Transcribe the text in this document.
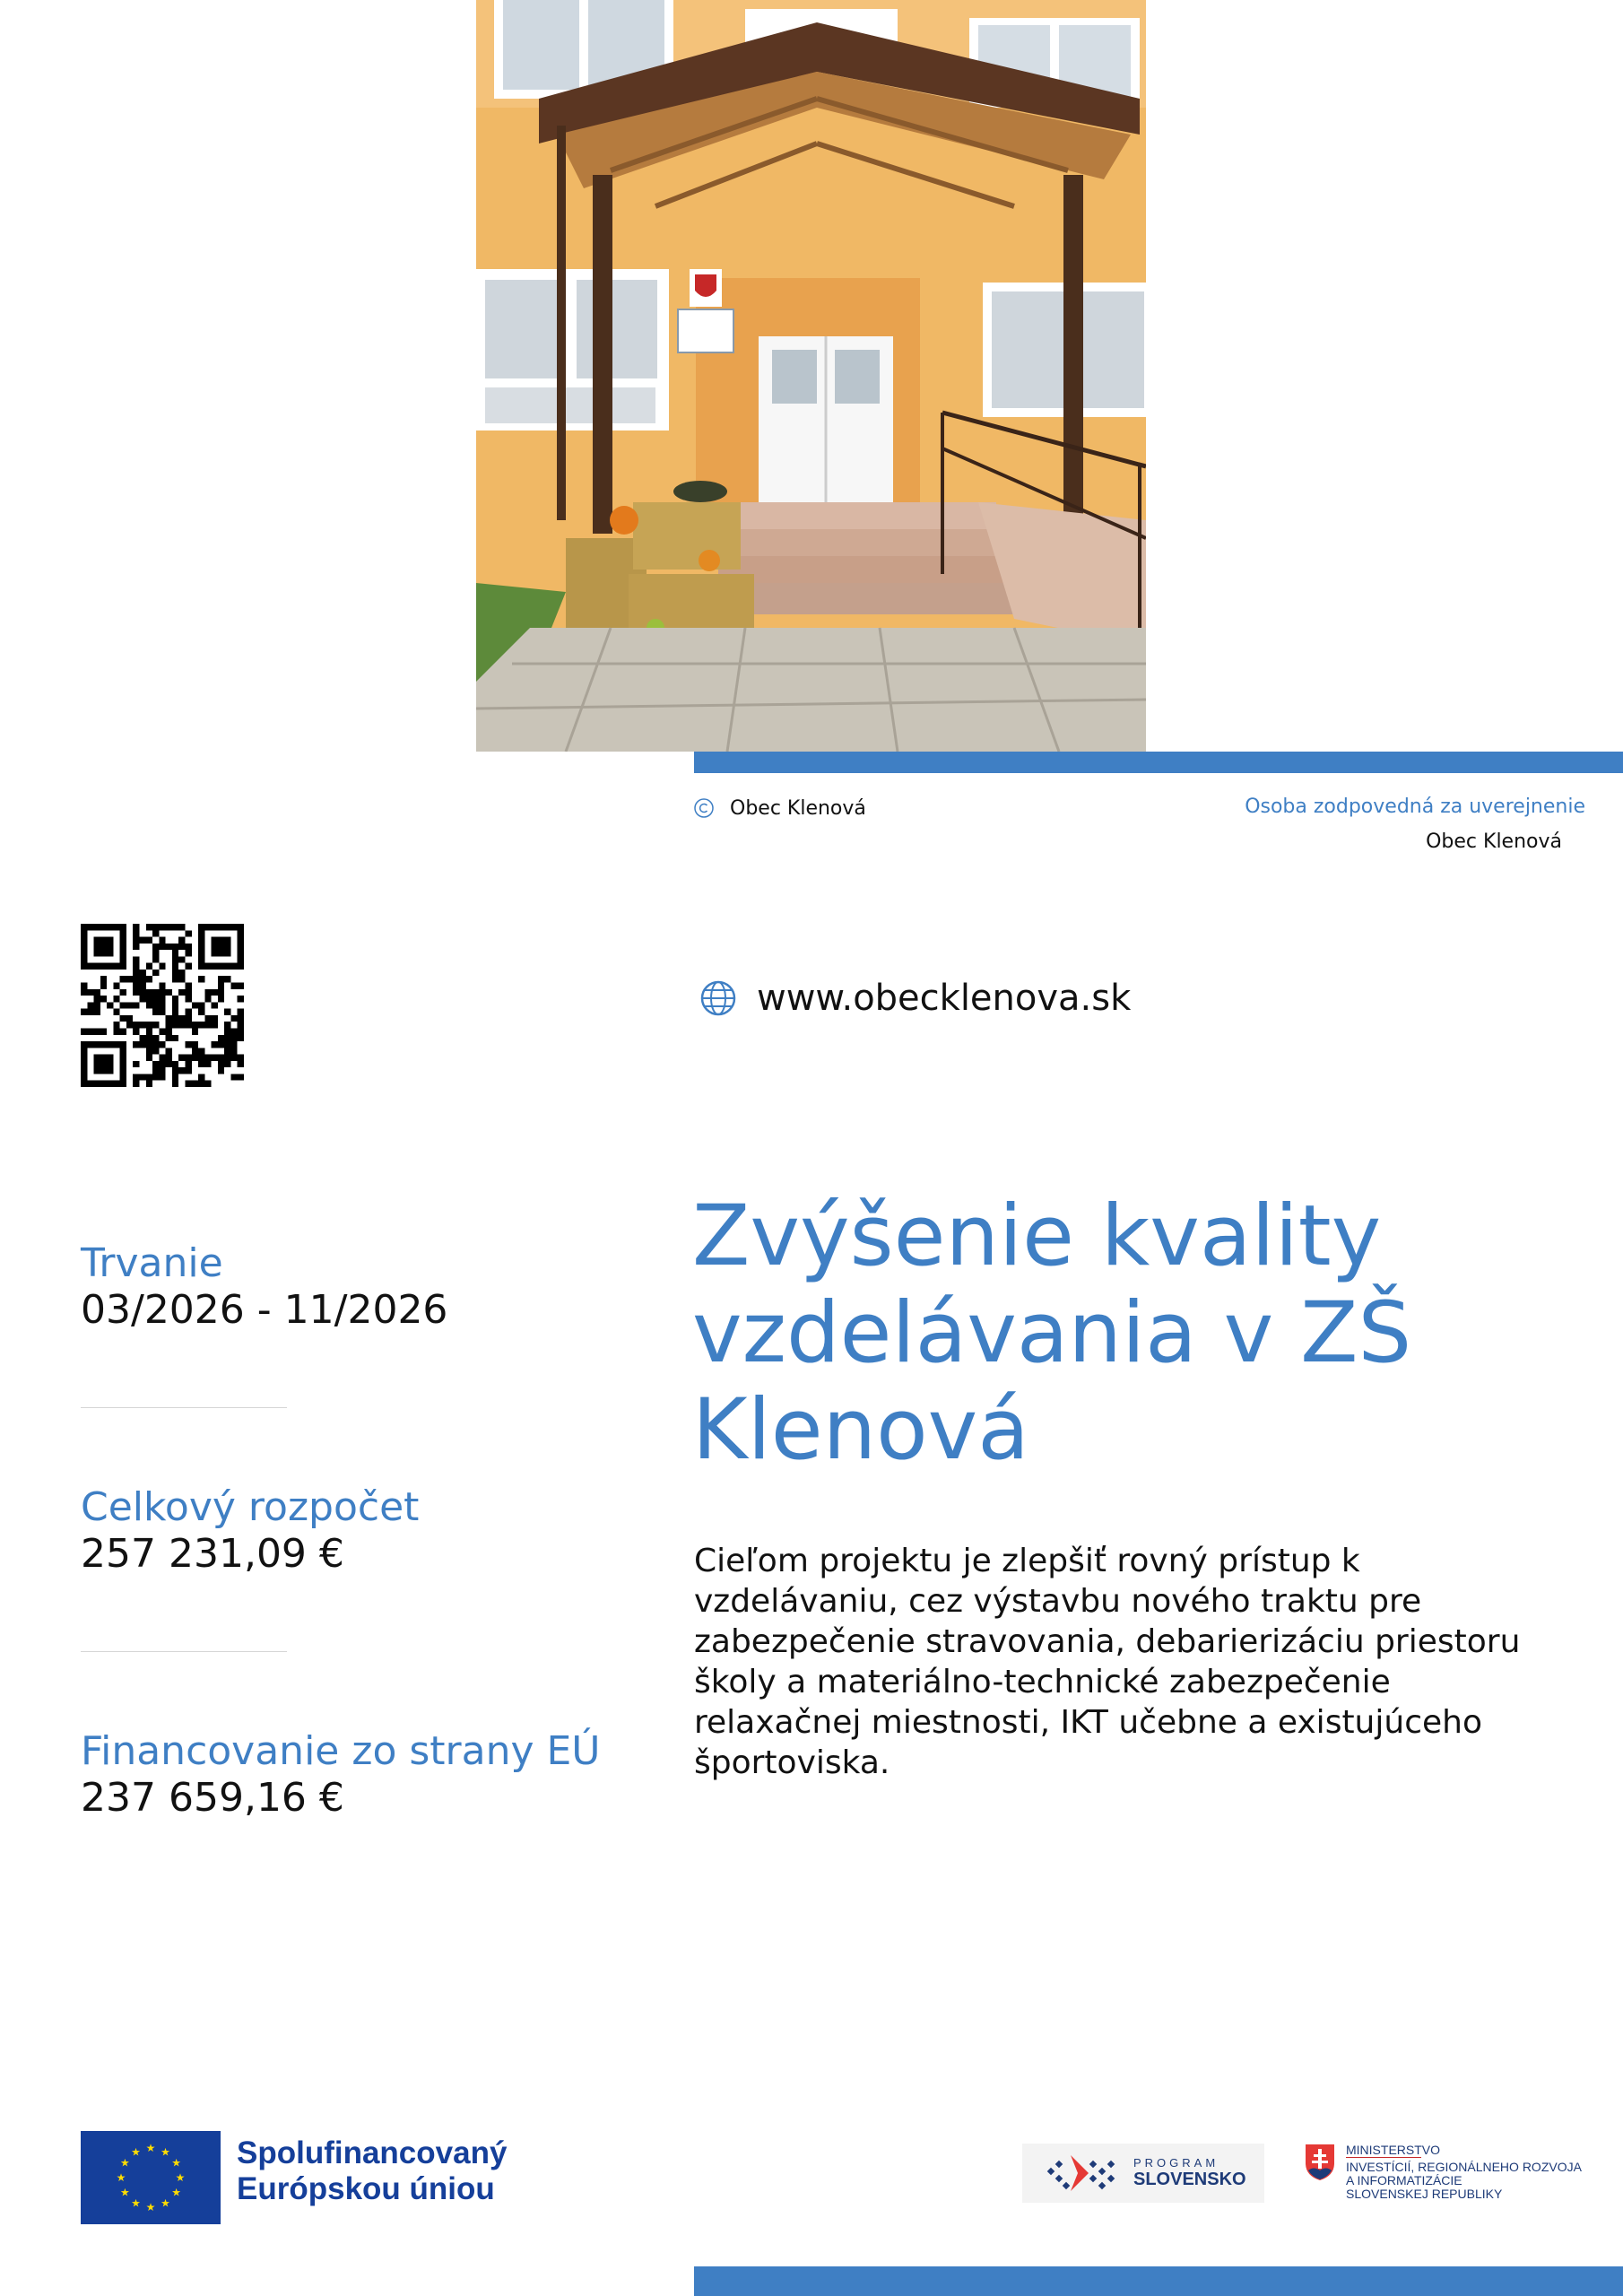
Obec Klenová	Osoba zodpovedná za uverejnenie
Obec Klenová
www.obecklenova.sk
Trvanie
03/2026 - 11/2026
Celkový rozpočet
257 231,09 €
Financovanie zo strany EÚ
237 659,16 €
Zvýšenie kvality vzdelávania v ZŠ Klenová
Cieľom projektu je zlepšiť rovný prístup k vzdelávaniu, cez výstavbu nového traktu pre zabezpečenie stravovania, debarierizáciu priestoru školy a materiálno-technické zabezpečenie relaxačnej miestnosti, IKT učebne a existujúceho športoviska.
★ ★
★
★
★
★
★
★
★
★
★
★	Spolufinancovaný
Európskou úniou
PROGRAM
SLOVENSKO
MINISTERSTVO
INVESTÍCIÍ, REGIONÁLNEHO ROZVOJA
A INFORMATIZÁCIE
SLOVENSKEJ REPUBLIKY
